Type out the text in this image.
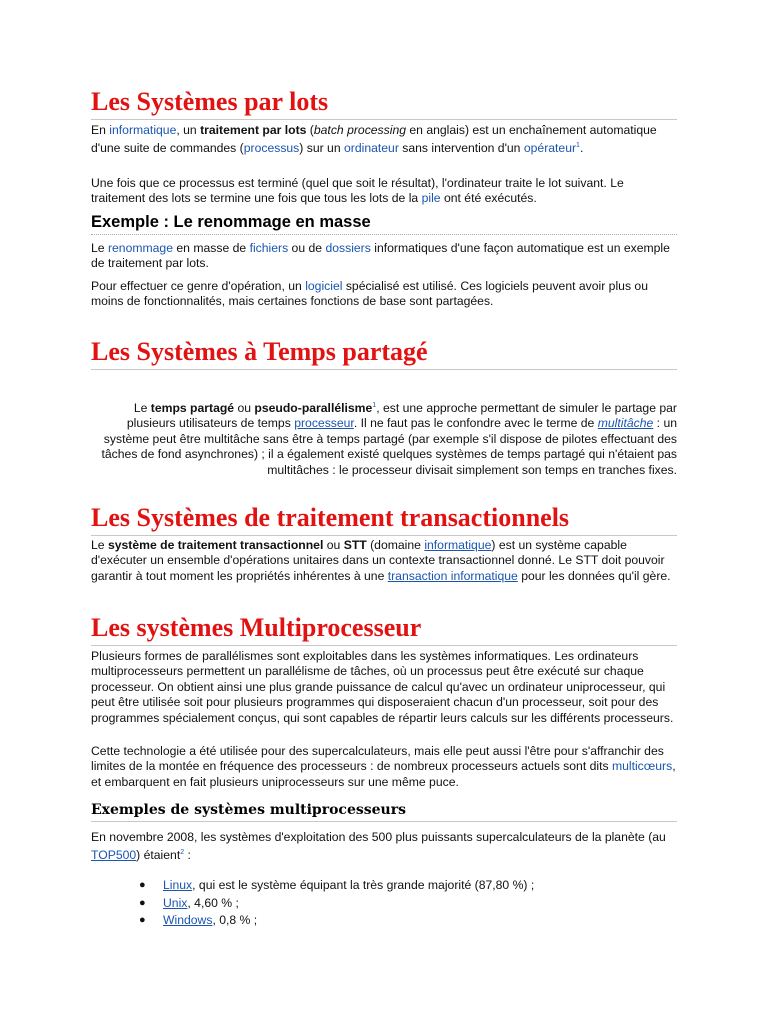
Les Systèmes par lots

En informatique, un traitement par lots (batch processing en anglais) est un enchaînement automatique d'une suite de commandes (processus) sur un ordinateur sans intervention d'un opérateur$^1$.

Une fois que ce processus est terminé (quel que soit le résultat), l'ordinateur traite le lot suivant. Le traitement des lots se termine une fois que tous les lots de la pile ont été exécutés.

Exemple : Le renommage en masse

Le renommage en masse de fichiers ou de dossiers informatiques d'une façon automatique est un exemple de traitement par lots.

Pour effectuer ce genre d'opération, un logiciel spécialisé est utilisé. Ces logiciels peuvent avoir plus ou moins de fonctionnalités, mais certaines fonctions de base sont partagées.

Les Systèmes à Temps partagé

Le temps partagé ou pseudo-parallélisme$^1$, est une approche permettant de simuler le partage par plusieurs utilisateurs de temps processeur. Il ne faut pas le confondre avec le terme de multitâche : un système peut être multitâche sans être à temps partagé (par exemple s'il dispose de pilotes effectuant des tâches de fond asynchrones) ; il a également existé quelques systèmes de temps partagé qui n'étaient pas multitâches : le processeur divisait simplement son temps en tranches fixes.

Les Systèmes de traitement transactionnels

Le système de traitement transactionnel ou STT (domaine informatique) est un système capable d'exécuter un ensemble d'opérations unitaires dans un contexte transactionnel donné. Le STT doit pouvoir garantir à tout moment les propriétés inhérentes à une transaction informatique pour les données qu'il gère.

Les systèmes Multiprocesseur

Plusieurs formes de parallélismes sont exploitables dans les systèmes informatiques. Les ordinateurs multiprocesseurs permettent un parallélisme de tâches, où un processus peut être exécuté sur chaque processeur. On obtient ainsi une plus grande puissance de calcul qu'avec un ordinateur uniprocesseur, qui peut être utilisée soit pour plusieurs programmes qui disposeraient chacun d'un processeur, soit pour des programmes spécialement conçus, qui sont capables de répartir leurs calculs sur les différents processeurs.

Cette technologie a été utilisée pour des supercalculateurs, mais elle peut aussi l'être pour s'affranchir des limites de la montée en fréquence des processeurs : de nombreux processeurs actuels sont dits multicœurs, et embarquent en fait plusieurs uniprocesseurs sur une même puce.

Exemples de systèmes multiprocesseurs

En novembre 2008, les systèmes d'exploitation des 500 plus puissants supercalculateurs de la planète (au TOP500) étaient$^2$ :

● Linux, qui est le système équipant la très grande majorité (87,80 %) ;
● Unix, 4,60 % ;
● Windows, 0,8 % ;
